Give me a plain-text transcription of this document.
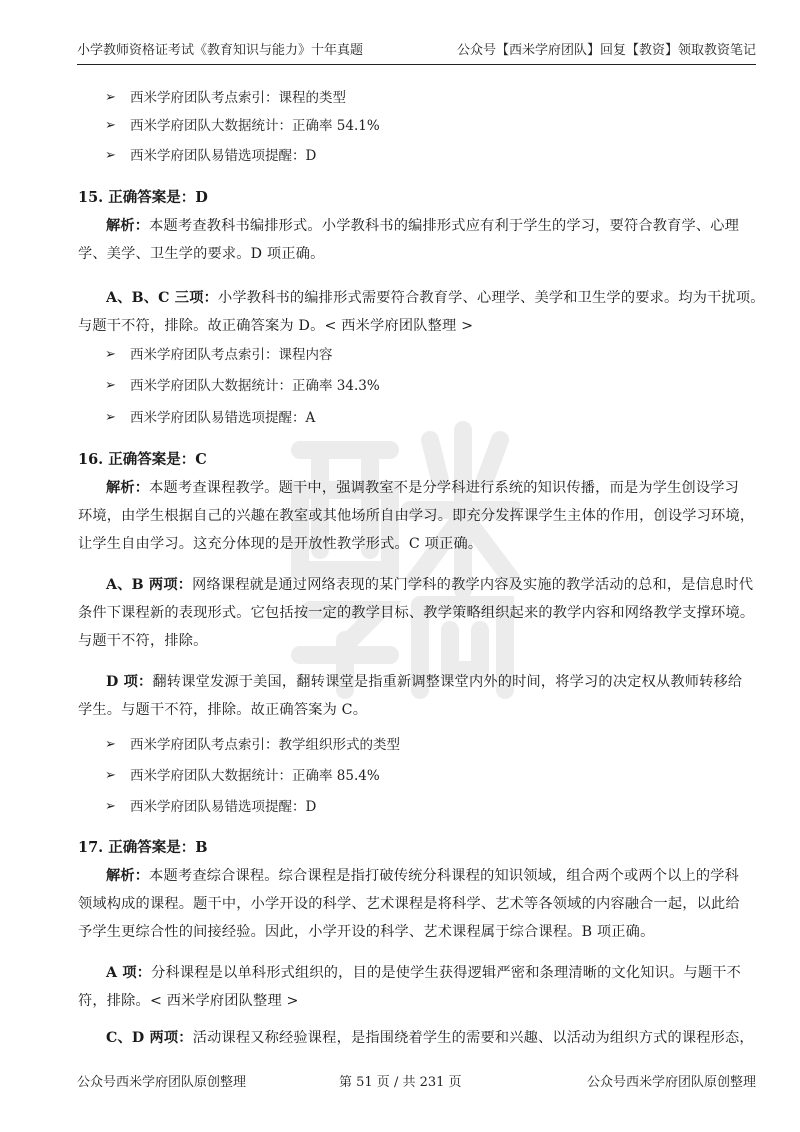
小学教师资格证考试《教育知识与能力》十年真题	公众号【西米学府团队】回复【教资】领取教资笔记
➢ 西米学府团队考点索引：课程的类型
➢ 西米学府团队大数据统计：正确率 54.1%
➢ 西米学府团队易错选项提醒：D
15. 正确答案是：D
解析：本题考查教科书编排形式。小学教科书的编排形式应有利于学生的学习，要符合教育学、心理
学、美学、卫生学的要求。D 项正确。
A、B、C 三项：小学教科书的编排形式需要符合教育学、心理学、美学和卫生学的要求。均为干扰项。
与题干不符，排除。故正确答案为 D。< 西米学府团队整理 >
➢ 西米学府团队考点索引：课程内容
➢ 西米学府团队大数据统计：正确率 34.3%
➢ 西米学府团队易错选项提醒：A
16. 正确答案是：C
解析：本题考查课程教学。题干中，强调教室不是分学科进行系统的知识传播，而是为学生创设学习
环境，由学生根据自己的兴趣在教室或其他场所自由学习。即充分发挥课学生主体的作用，创设学习环境，
让学生自由学习。这充分体现的是开放性教学形式。C 项正确。
A、B 两项：网络课程就是通过网络表现的某门学科的教学内容及实施的教学活动的总和，是信息时代
条件下课程新的表现形式。它包括按一定的教学目标、教学策略组织起来的教学内容和网络教学支撑环境。
与题干不符，排除。
D 项：翻转课堂发源于美国，翻转课堂是指重新调整课堂内外的时间，将学习的决定权从教师转移给
学生。与题干不符，排除。故正确答案为 C。
➢ 西米学府团队考点索引：教学组织形式的类型
➢ 西米学府团队大数据统计：正确率 85.4%
➢ 西米学府团队易错选项提醒：D
17. 正确答案是：B
解析：本题考查综合课程。综合课程是指打破传统分科课程的知识领域，组合两个或两个以上的学科
领域构成的课程。题干中，小学开设的科学、艺术课程是将科学、艺术等各领域的内容融合一起，以此给
予学生更综合性的间接经验。因此，小学开设的科学、艺术课程属于综合课程。B 项正确。
A 项：分科课程是以单科形式组织的，目的是使学生获得逻辑严密和条理清晰的文化知识。与题干不
符，排除。< 西米学府团队整理 >
C、D 两项：活动课程又称经验课程，是指围绕着学生的需要和兴趣、以活动为组织方式的课程形态，
公众号西米学府团队原创整理	第 51 页 / 共 231 页	公众号西米学府团队原创整理
